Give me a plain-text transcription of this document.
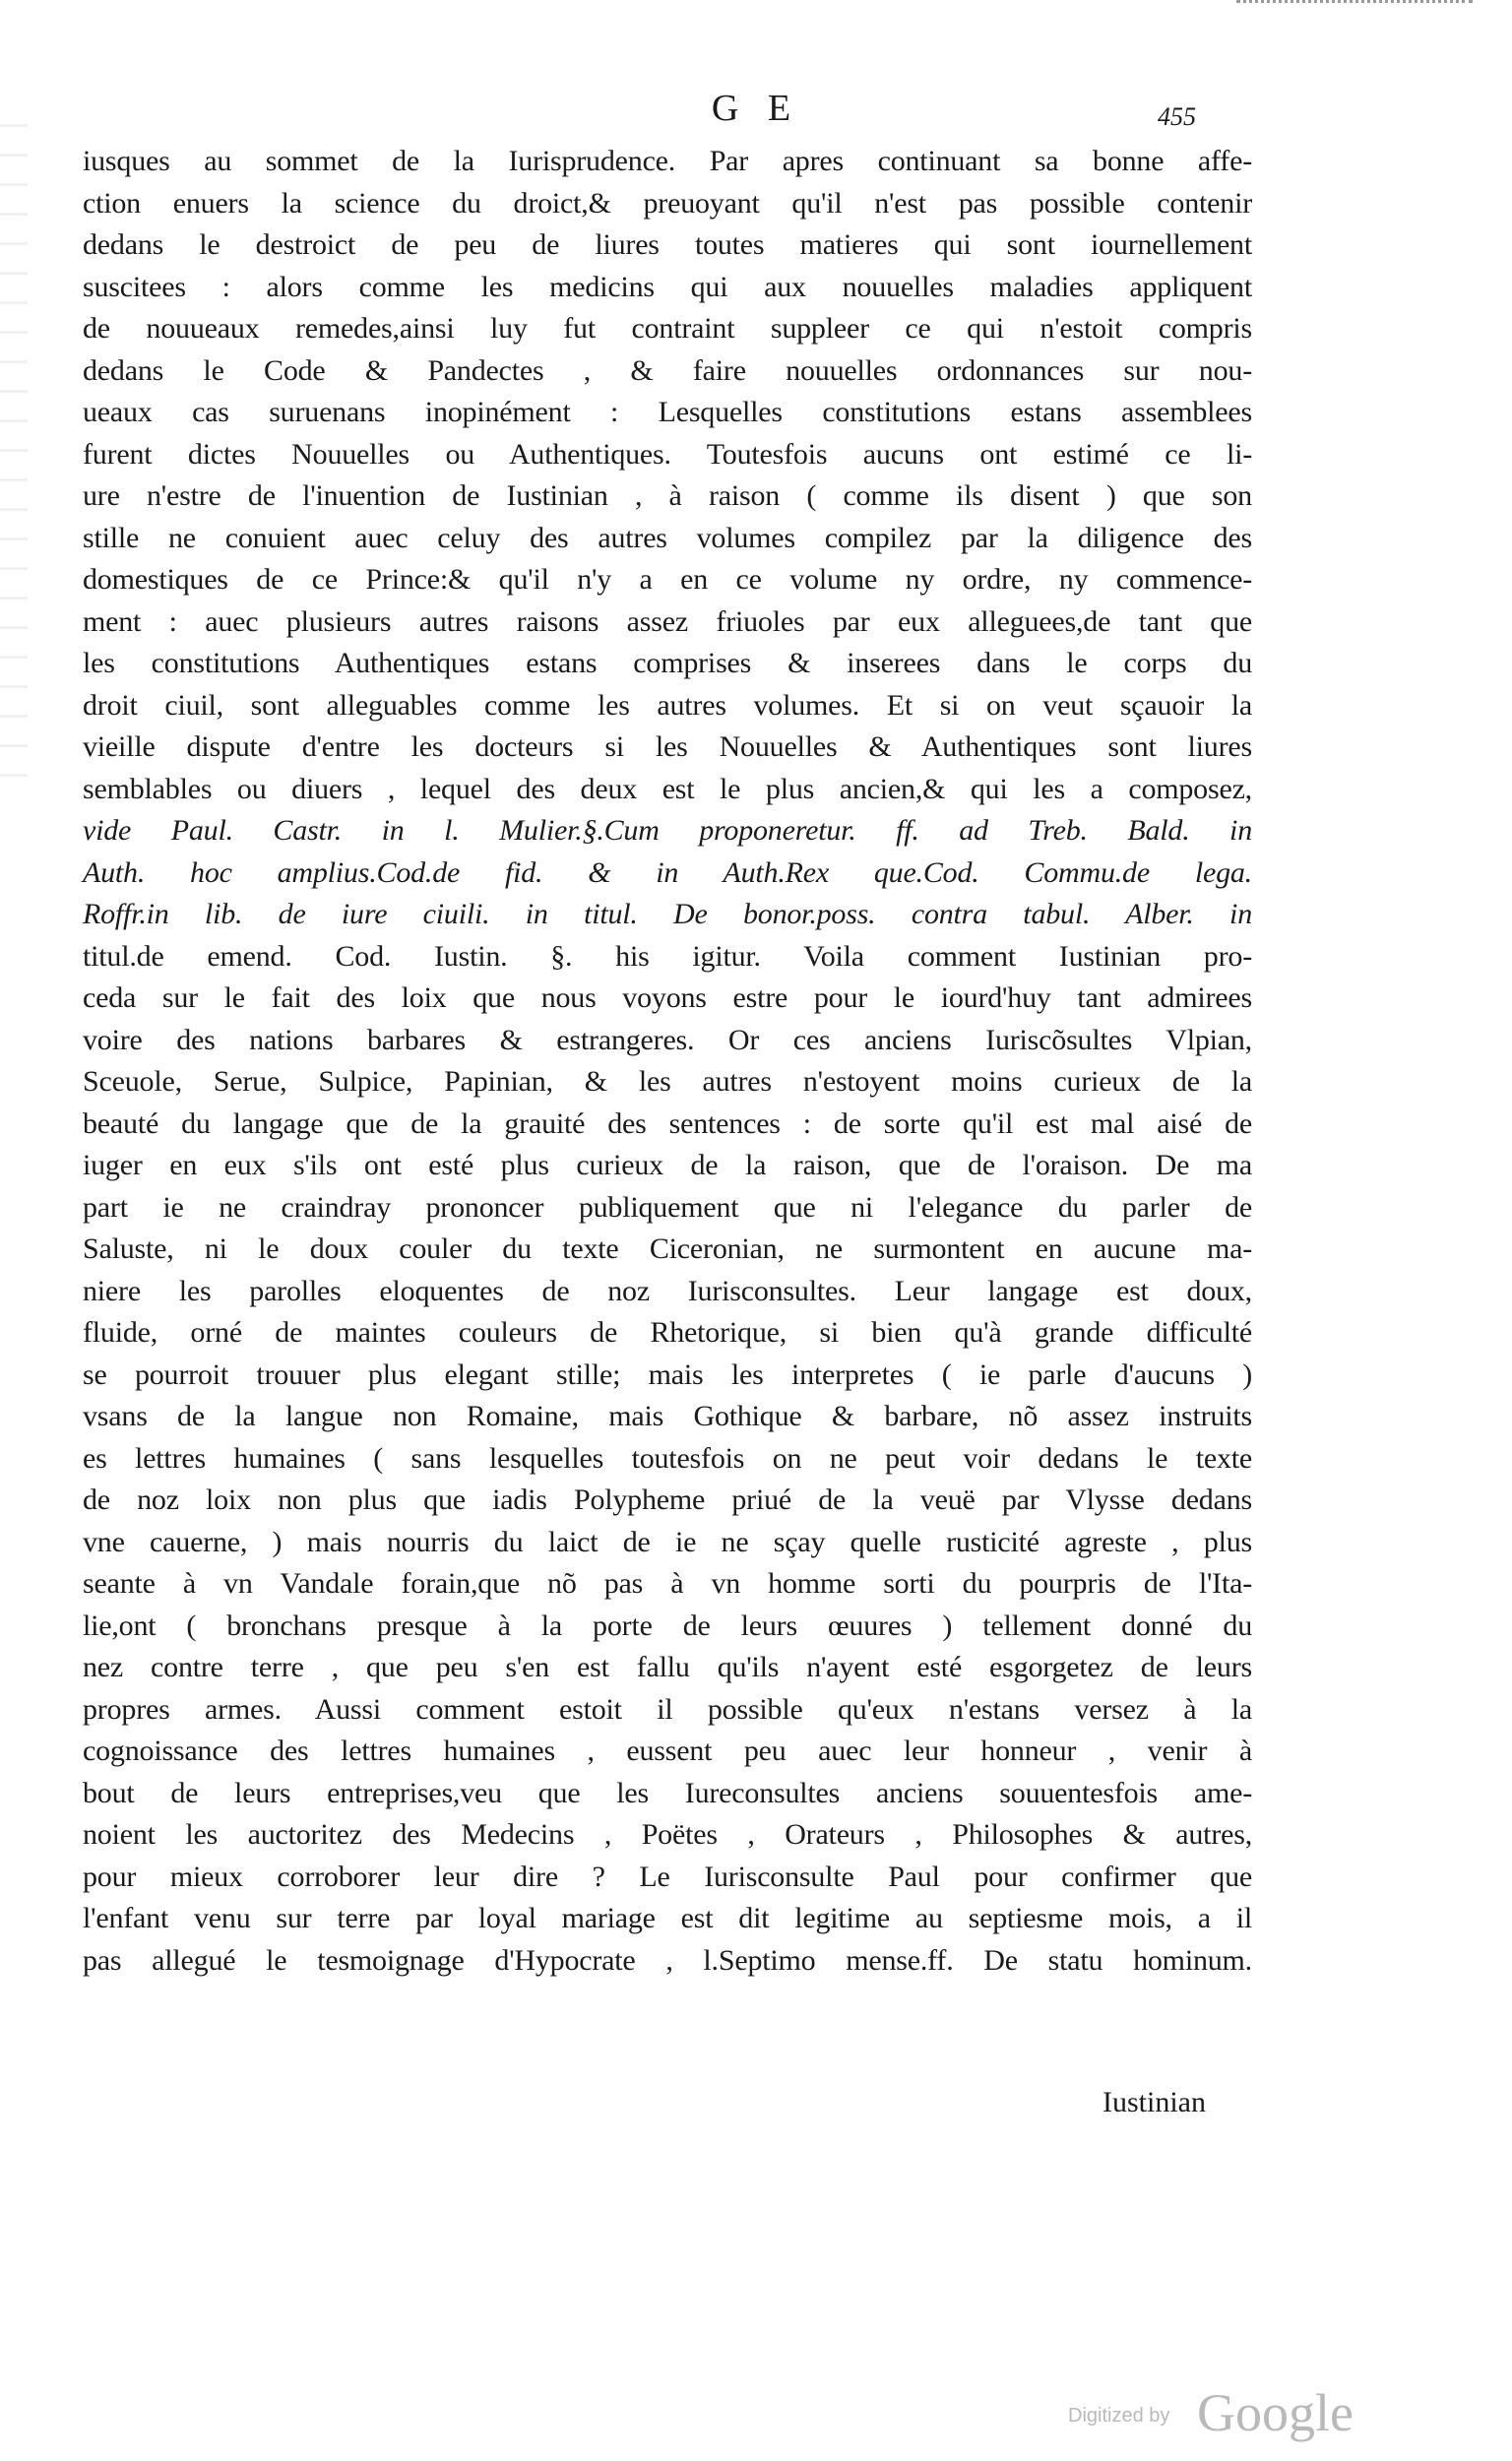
G E	455
iusques au sommet de la Iurisprudence. Par apres continuant sa bonne affe-
ction enuers la science du droict,& preuoyant qu'il n'est pas possible contenir
dedans le destroict de peu de liures toutes matieres qui sont iournellement
suscitees : alors comme les medicins qui aux nouuelles maladies appliquent
de nouueaux remedes,ainsi luy fut contraint suppleer ce qui n'estoit compris
dedans le Code & Pandectes , & faire nouuelles ordonnances sur nou-
ueaux cas suruenans inopinément : Lesquelles constitutions estans assemblees
furent dictes Nouuelles ou Authentiques. Toutesfois aucuns ont estimé ce li-
ure n'estre de l'inuention de Iustinian , à raison ( comme ils disent ) que son
stille ne conuient auec celuy des autres volumes compilez par la diligence des
domestiques de ce Prince:& qu'il n'y a en ce volume ny ordre, ny commence-
ment : auec plusieurs autres raisons assez friuoles par eux alleguees,de tant que
les constitutions Authentiques estans comprises & inserees dans le corps du
droit ciuil, sont alleguables comme les autres volumes. Et si on veut sçauoir la
vieille dispute d'entre les docteurs si les Nouuelles & Authentiques sont liures
semblables ou diuers , lequel des deux est le plus ancien,& qui les a composez,
vide Paul. Castr. in l. Mulier.§.Cum proponeretur. ff. ad Treb. Bald. in
Auth. hoc amplius.Cod.de fid. & in Auth.Rex que.Cod. Commu.de lega.
Roffr.in lib. de iure ciuili. in titul. De bonor.poss. contra tabul. Alber. in
titul.de emend. Cod. Iustin. §. his igitur. Voila comment Iustinian pro-
ceda sur le fait des loix que nous voyons estre pour le iourd'huy tant admirees
voire des nations barbares & estrangeres. Or ces anciens Iuriscõsultes Vlpian,
Sceuole, Serue, Sulpice, Papinian, & les autres n'estoyent moins curieux de la
beauté du langage que de la grauité des sentences : de sorte qu'il est mal aisé de
iuger en eux s'ils ont esté plus curieux de la raison, que de l'oraison. De ma
part ie ne craindray prononcer publiquement que ni l'elegance du parler de
Saluste, ni le doux couler du texte Ciceronian, ne surmontent en aucune ma-
niere les parolles eloquentes de noz Iurisconsultes. Leur langage est doux,
fluide, orné de maintes couleurs de Rhetorique, si bien qu'à grande difficulté
se pourroit trouuer plus elegant stille; mais les interpretes ( ie parle d'aucuns )
vsans de la langue non Romaine, mais Gothique & barbare, nõ assez instruits
es lettres humaines ( sans lesquelles toutesfois on ne peut voir dedans le texte
de noz loix non plus que iadis Polypheme priué de la veuë par Vlysse dedans
vne cauerne, ) mais nourris du laict de ie ne sçay quelle rusticité agreste , plus
seante à vn Vandale forain,que nõ pas à vn homme sorti du pourpris de l'Ita-
lie,ont ( bronchans presque à la porte de leurs œuures ) tellement donné du
nez contre terre , que peu s'en est fallu qu'ils n'ayent esté esgorgetez de leurs
propres armes. Aussi comment estoit il possible qu'eux n'estans versez à la
cognoissance des lettres humaines , eussent peu auec leur honneur , venir à
bout de leurs entreprises,veu que les Iureconsultes anciens souuentesfois ame-
noient les auctoritez des Medecins , Poëtes , Orateurs , Philosophes & autres,
pour mieux corroborer leur dire ? Le Iurisconsulte Paul pour confirmer que
l'enfant venu sur terre par loyal mariage est dit legitime au septiesme mois, a il
pas allegué le tesmoignage d'Hypocrate , l.Septimo mense.ff. De statu hominum.
Iustinian
Digitized by Google
